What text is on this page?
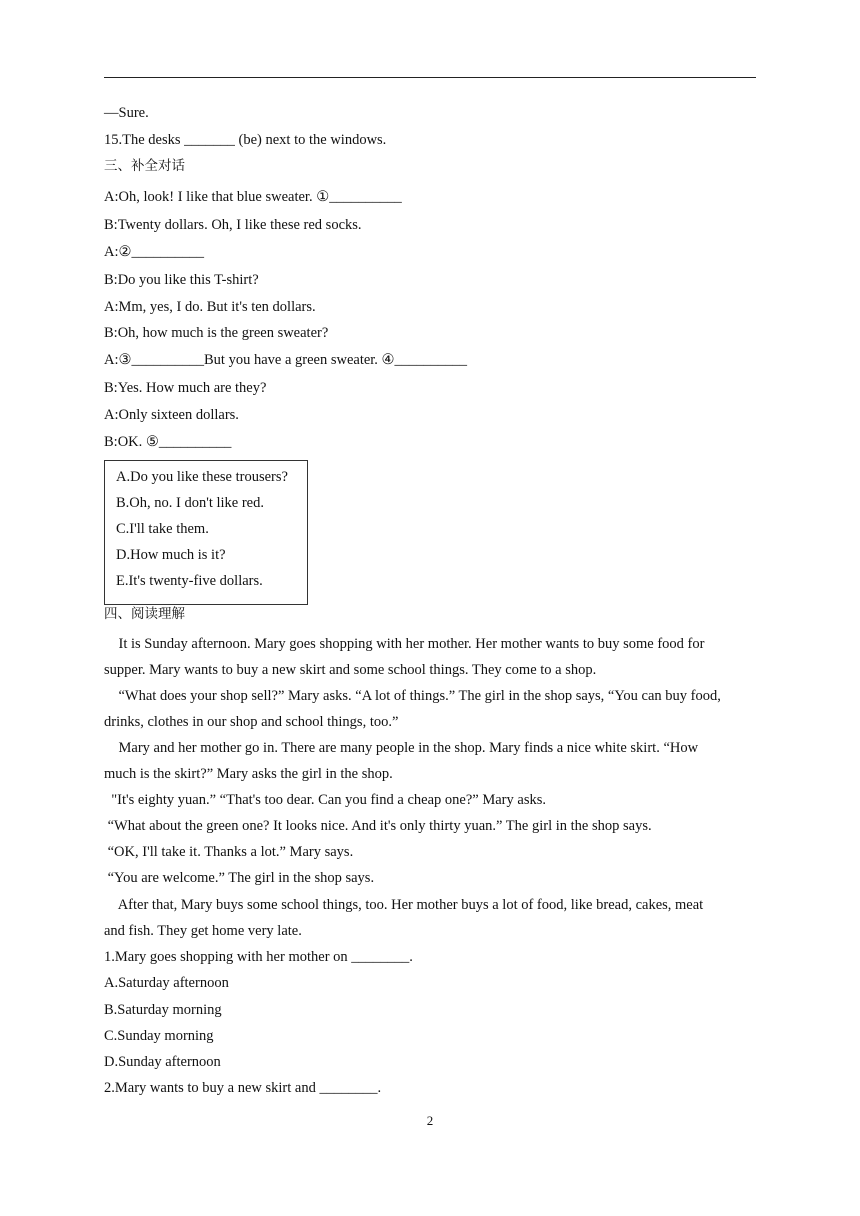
—Sure.
15.The desks _______ (be) next to the windows.
三、补全对话
A:Oh, look! I like that blue sweater. ①__________
B:Twenty dollars. Oh, I like these red socks.
A:②__________
B:Do you like this T-shirt?
A:Mm, yes, I do. But it's ten dollars.
B:Oh, how much is the green sweater?
A:③__________But you have a green sweater. ④__________
B:Yes. How much are they?
A:Only sixteen dollars.
B:OK. ⑤__________
A.Do you like these trousers?
B.Oh, no. I don't like red.
C.I'll take them.
D.How much is it?
E.It's twenty-five dollars.
四、阅读理解
It is Sunday afternoon. Mary goes shopping with her mother. Her mother wants to buy some food for
supper. Mary wants to buy a new skirt and some school things. They come to a shop.
“What does your shop sell?” Mary asks. “A lot of things.” The girl in the shop says, “You can buy food,
drinks, clothes in our shop and school things, too.”
Mary and her mother go in. There are many people in the shop. Mary finds a nice white skirt. “How
much is the skirt?” Mary asks the girl in the shop.
"It's eighty yuan.” “That's too dear. Can you find a cheap one?” Mary asks.
“What about the green one? It looks nice. And it's only thirty yuan.” The girl in the shop says.
“OK, I'll take it. Thanks a lot.” Mary says.
“You are welcome.” The girl in the shop says.
After that, Mary buys some school things, too. Her mother buys a lot of food, like bread, cakes, meat
and fish. They get home very late.
1.Mary goes shopping with her mother on ________.
A.Saturday afternoon
B.Saturday morning
C.Sunday morning
D.Sunday afternoon
2.Mary wants to buy a new skirt and ________.
2
